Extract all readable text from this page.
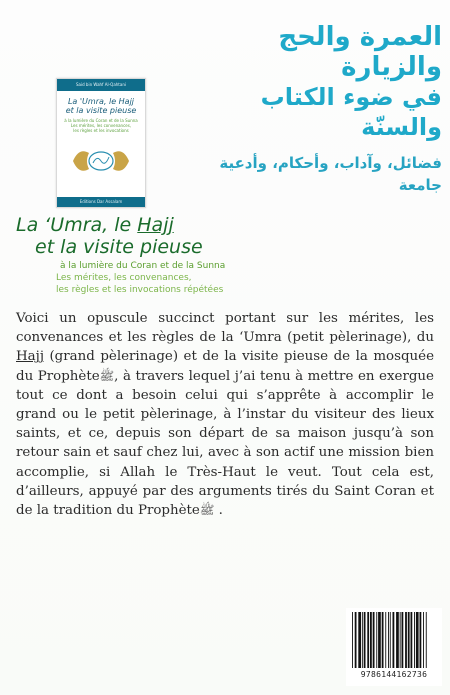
العمرة والحج والزيارة
في ضوء الكتاب والسنّة
فضائل، وآداب، وأحكام، وأدعية جامعة
Said bin Wahf Al-Qahtani
La 'Umra, le Hajj
et la visite pieuse
à la lumière du Coran et de la Sunna
Les mérites, les convenances,
les règles et les invocations
Editions Dar Assalam
La ‘Umra, le Hajj
et la visite pieuse
à la lumière du Coran et de la Sunna
Les mérites, les convenances,
les règles et les invocations répétées
Voici un opuscule succinct portant sur les mérites, les convenances et les règles de la ‘Umra (petit pèlerinage), du Hajj (grand pèlerinage) et de la visite pieuse de la mosquée du Prophèteﷺ, à travers lequel j’ai tenu à mettre en exergue tout ce dont a besoin celui qui s’apprête à accomplir le grand ou le petit pèlerinage, à l’instar du visiteur des lieux saints, et ce, depuis son départ de sa maison jusqu’à son retour sain et sauf chez lui, avec à son actif une mission bien accomplie, si Allah le Très-Haut le veut. Tout cela est, d’ailleurs, appuyé par des arguments tirés du Saint Coran et de la tradition du Prophèteﷺ .
9786144162736
